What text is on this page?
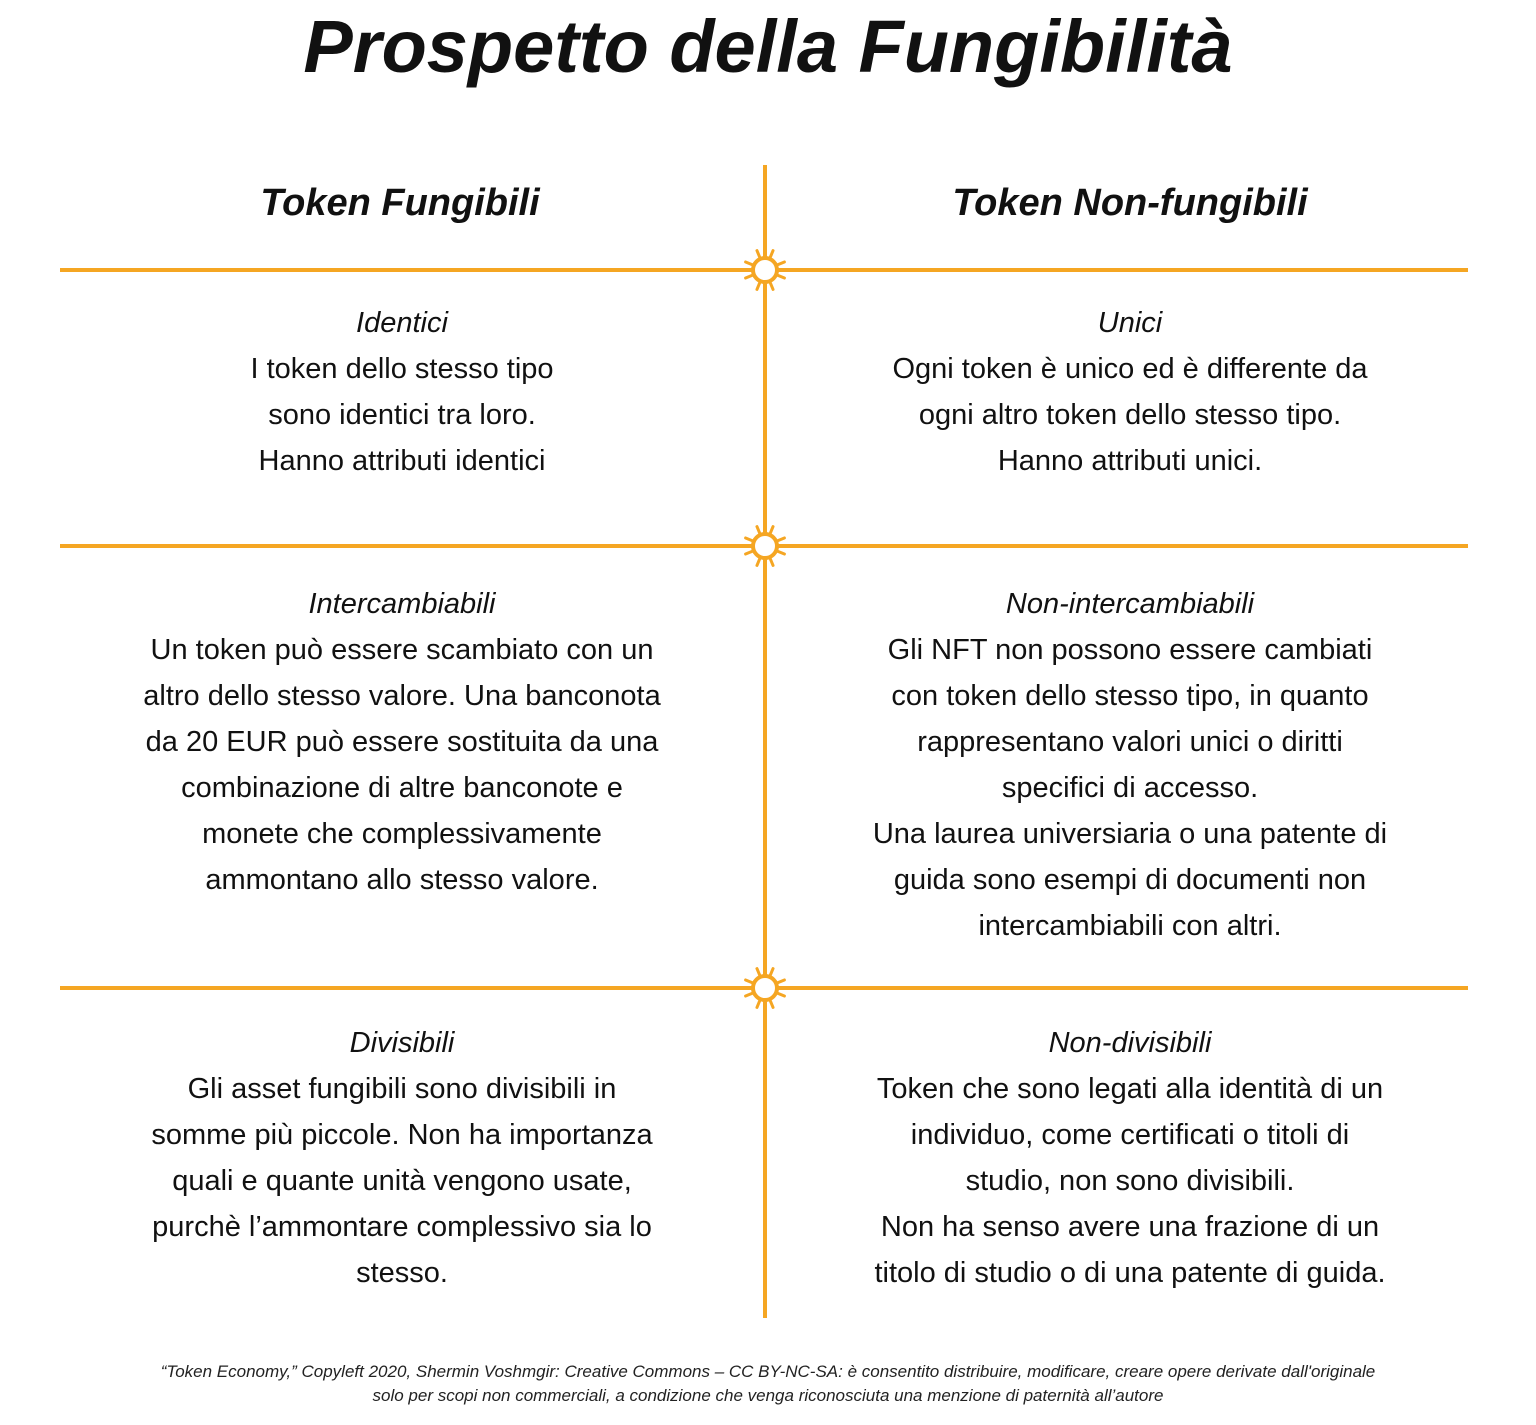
Prospetto della Fungibilità
Token Fungibili	Token Non-fungibili
Identici
I token dello stesso tipo
sono identici tra loro.
Hanno attributi identici
Unici
Ogni token è unico ed è differente da
ogni altro token dello stesso tipo.
Hanno attributi unici.
Intercambiabili
Un token può essere scambiato con un
altro dello stesso valore. Una banconota
da 20 EUR può essere sostituita da una
combinazione di altre banconote e
monete che complessivamente
ammontano allo stesso valore.
Non-intercambiabili
Gli NFT non possono essere cambiati
con token dello stesso tipo, in quanto
rappresentano valori unici o diritti
specifici di accesso.
Una laurea universiaria o una patente di
guida sono esempi di documenti non
intercambiabili con altri.
Divisibili
Gli asset fungibili sono divisibili in
somme più piccole. Non ha importanza
quali e quante unità vengono usate,
purchè l’ammontare complessivo sia lo
stesso.
Non-divisibili
Token che sono legati alla identità di un
individuo, come certificati o titoli di
studio, non sono divisibili.
Non ha senso avere una frazione di un
titolo di studio o di una patente di guida.
“Token Economy,” Copyleft 2020, Shermin Voshmgir: Creative Commons – CC BY-NC-SA: è consentito distribuire, modificare, creare opere derivate dall'originale
solo per scopi non commerciali, a condizione che venga riconosciuta una menzione di paternità all’autore
